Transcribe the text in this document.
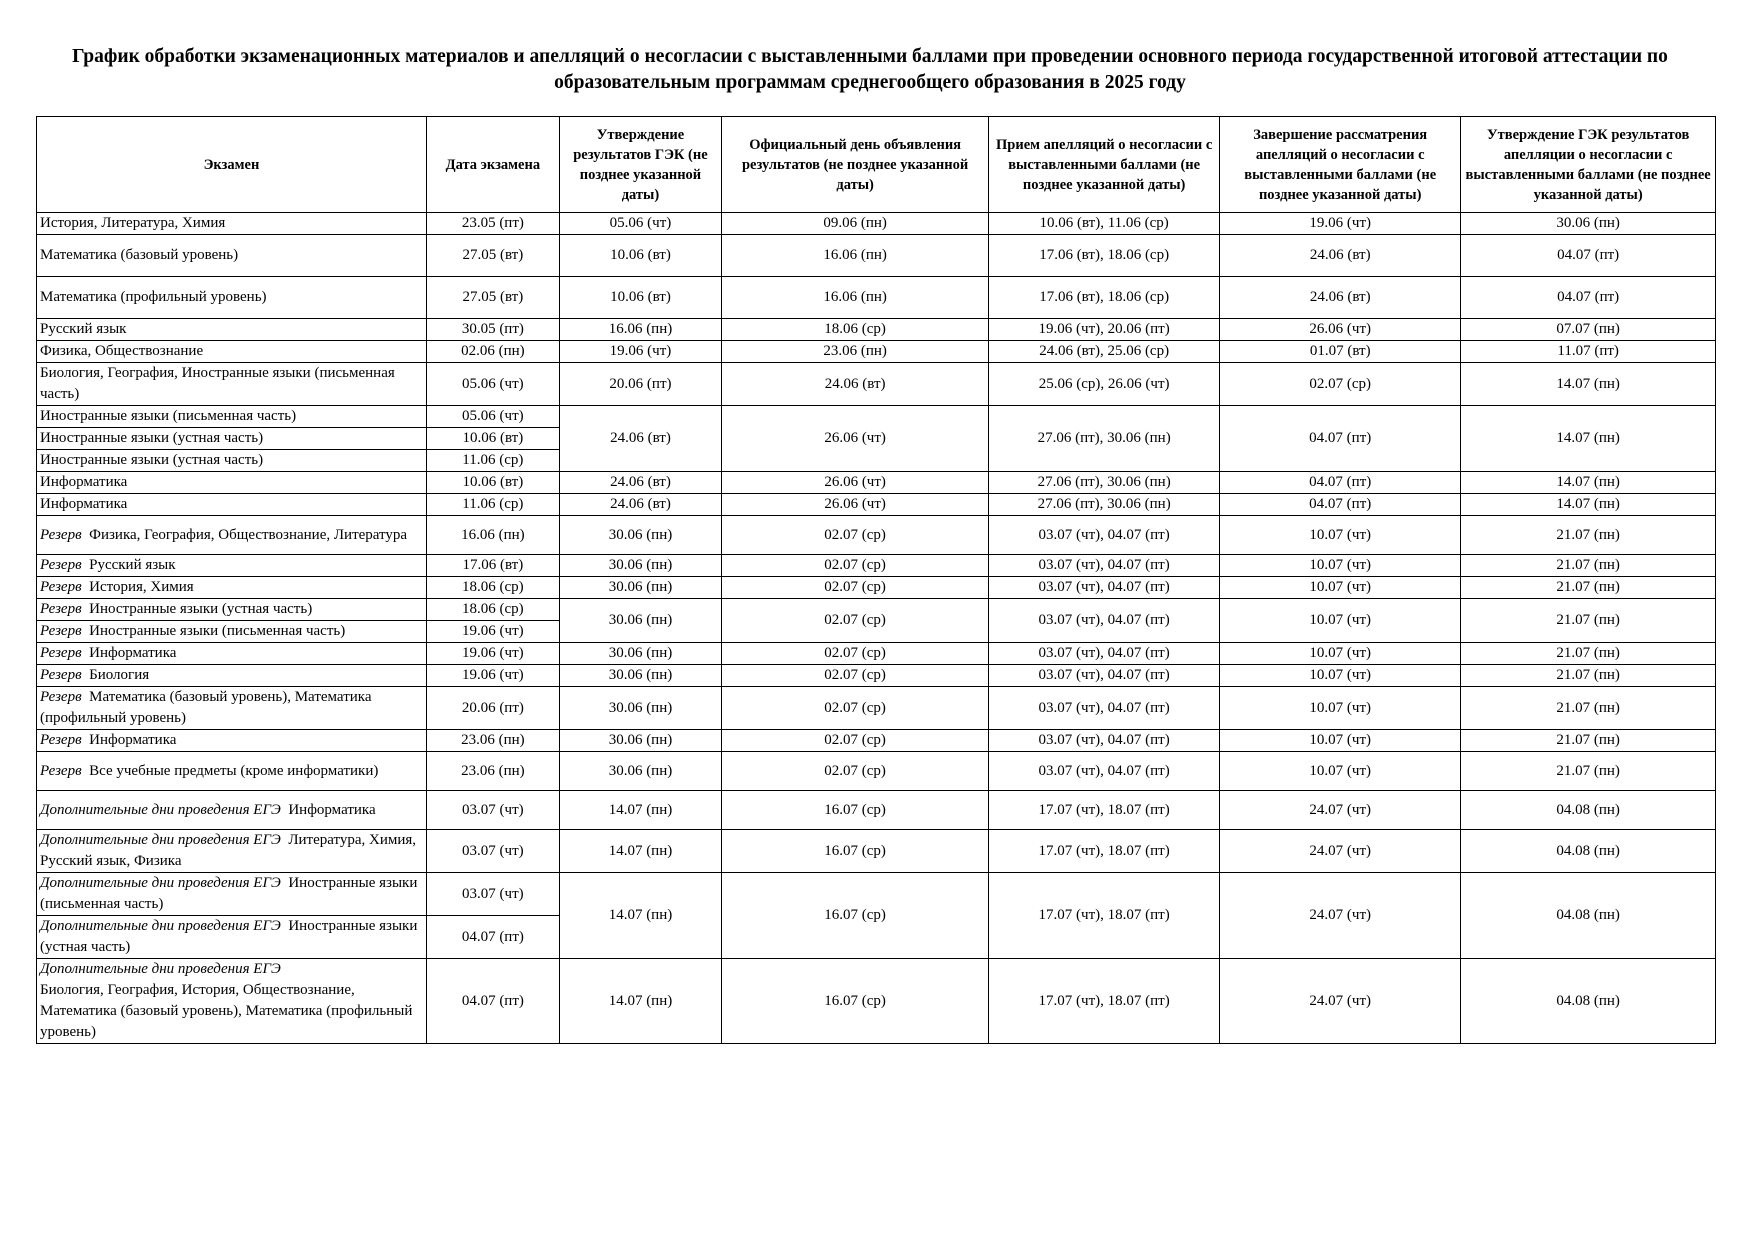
График обработки экзаменационных материалов и апелляций о несогласии с выставленными баллами при проведении основного периода государственной итоговой аттестации по образовательным программам среднегообщего образования в 2025 году
Экзамен	Дата экзамена	Утверждение результатов ГЭК (не позднее указанной даты)	Официальный день объявления результатов (не позднее указанной даты)	Прием апелляций о несогласии с выставленными баллами (не позднее указанной даты)	Завершение рассматрения апелляций о несогласии с выставленными баллами (не позднее указанной даты)	Утверждение ГЭК результатов апелляции о несогласии с выставленными баллами (не позднее указанной даты)
История, Литература, Химия	23.05 (пт)	05.06 (чт)	09.06 (пн)	10.06 (вт), 11.06 (ср)	19.06 (чт)	30.06 (пн)
Математика (базовый уровень)	27.05 (вт)	10.06 (вт)	16.06 (пн)	17.06 (вт), 18.06 (ср)	24.06 (вт)	04.07 (пт)
Математика (профильный уровень)	27.05 (вт)	10.06 (вт)	16.06 (пн)	17.06 (вт), 18.06 (ср)	24.06 (вт)	04.07 (пт)
Русский язык	30.05 (пт)	16.06 (пн)	18.06 (ср)	19.06 (чт), 20.06 (пт)	26.06 (чт)	07.07 (пн)
Физика, Обществознание	02.06 (пн)	19.06 (чт)	23.06 (пн)	24.06 (вт), 25.06 (ср)	01.07 (вт)	11.07 (пт)
Биология, География, Иностранные языки (письменная часть)	05.06 (чт)	20.06 (пт)	24.06 (вт)	25.06 (ср), 26.06 (чт)	02.07 (ср)	14.07 (пн)
Иностранные языки (письменная часть)	05.06 (чт)	24.06 (вт)	26.06 (чт)	27.06 (пт), 30.06 (пн)	04.07 (пт)	14.07 (пн)
Иностранные языки (устная часть)	10.06 (вт)					
Иностранные языки (устная часть)	11.06 (ср)					
Информатика	10.06 (вт)	24.06 (вт)	26.06 (чт)	27.06 (пт), 30.06 (пн)	04.07 (пт)	14.07 (пн)
Информатика	11.06 (ср)	24.06 (вт)	26.06 (чт)	27.06 (пт), 30.06 (пн)	04.07 (пт)	14.07 (пн)
Резерв Физика, География, Обществознание, Литература	16.06 (пн)	30.06 (пн)	02.07 (ср)	03.07 (чт), 04.07 (пт)	10.07 (чт)	21.07 (пн)
Резерв Русский язык	17.06 (вт)	30.06 (пн)	02.07 (ср)	03.07 (чт), 04.07 (пт)	10.07 (чт)	21.07 (пн)
Резерв История, Химия	18.06 (ср)	30.06 (пн)	02.07 (ср)	03.07 (чт), 04.07 (пт)	10.07 (чт)	21.07 (пн)
Резерв Иностранные языки (устная часть)	18.06 (ср)	30.06 (пн)	02.07 (ср)	03.07 (чт), 04.07 (пт)	10.07 (чт)	21.07 (пн)
Резерв Иностранные языки (письменная часть)	19.06 (чт)					
Резерв Информатика	19.06 (чт)	30.06 (пн)	02.07 (ср)	03.07 (чт), 04.07 (пт)	10.07 (чт)	21.07 (пн)
Резерв Биология	19.06 (чт)	30.06 (пн)	02.07 (ср)	03.07 (чт), 04.07 (пт)	10.07 (чт)	21.07 (пн)
Резерв Математика (базовый уровень), Математика (профильный уровень)	20.06 (пт)	30.06 (пн)	02.07 (ср)	03.07 (чт), 04.07 (пт)	10.07 (чт)	21.07 (пн)
Резерв Информатика	23.06 (пн)	30.06 (пн)	02.07 (ср)	03.07 (чт), 04.07 (пт)	10.07 (чт)	21.07 (пн)
Резерв Все учебные предметы (кроме информатики)	23.06 (пн)	30.06 (пн)	02.07 (ср)	03.07 (чт), 04.07 (пт)	10.07 (чт)	21.07 (пн)
Дополнительные дни проведения ЕГЭ Информатика	03.07 (чт)	14.07 (пн)	16.07 (ср)	17.07 (чт), 18.07 (пт)	24.07 (чт)	04.08 (пн)
Дополнительные дни проведения ЕГЭ Литература, Химия, Русский язык, Физика	03.07 (чт)	14.07 (пн)	16.07 (ср)	17.07 (чт), 18.07 (пт)	24.07 (чт)	04.08 (пн)
Дополнительные дни проведения ЕГЭ Иностранные языки (письменная часть)	03.07 (чт)	14.07 (пн)	16.07 (ср)	17.07 (чт), 18.07 (пт)	24.07 (чт)	04.08 (пн)
Дополнительные дни проведения ЕГЭ Иностранные языки (устная часть)	04.07 (пт)					
Дополнительные дни проведения ЕГЭ
Биология, География, История, Обществознание, Математика (базовый уровень), Математика (профильный уровень)	04.07 (пт)	14.07 (пн)	16.07 (ср)	17.07 (чт), 18.07 (пт)	24.07 (чт)	04.08 (пн)
